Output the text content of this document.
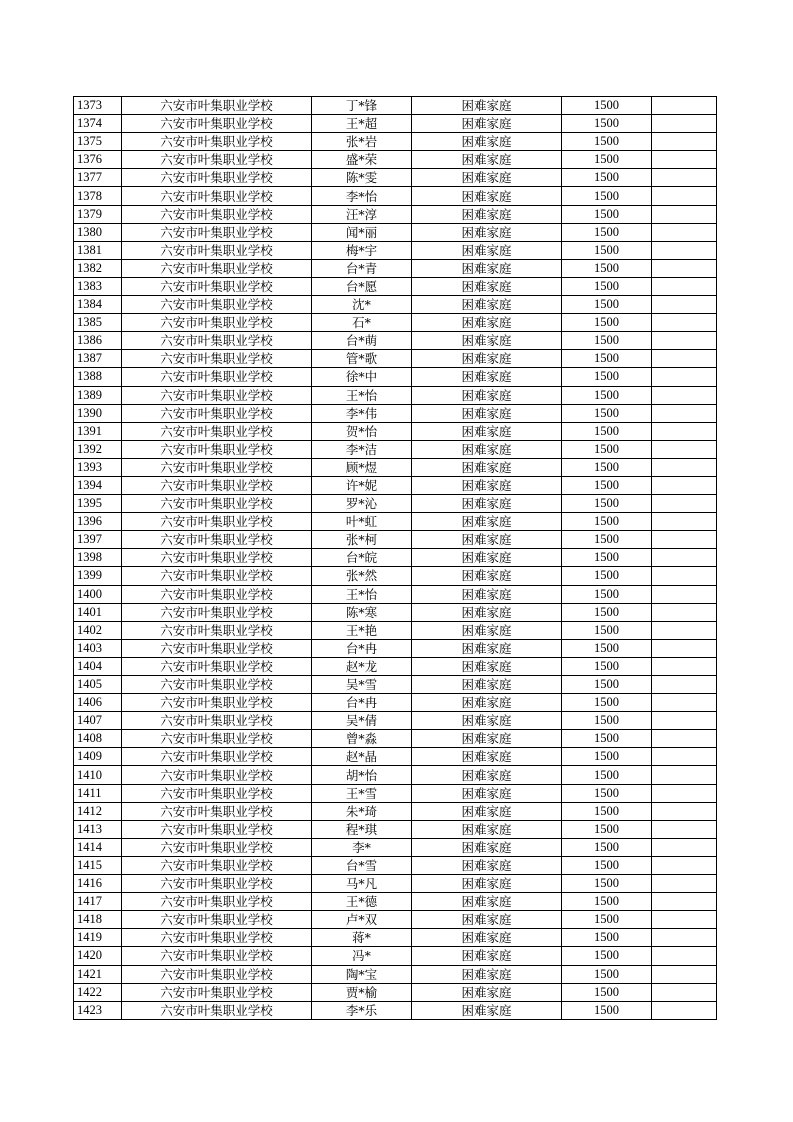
1373	六安市叶集职业学校	丁*锋	困难家庭	1500	
1374	六安市叶集职业学校	王*超	困难家庭	1500	
1375	六安市叶集职业学校	张*岩	困难家庭	1500	
1376	六安市叶集职业学校	盛*荣	困难家庭	1500	
1377	六安市叶集职业学校	陈*雯	困难家庭	1500	
1378	六安市叶集职业学校	李*怡	困难家庭	1500	
1379	六安市叶集职业学校	汪*淳	困难家庭	1500	
1380	六安市叶集职业学校	闻*丽	困难家庭	1500	
1381	六安市叶集职业学校	梅*宇	困难家庭	1500	
1382	六安市叶集职业学校	台*青	困难家庭	1500	
1383	六安市叶集职业学校	台*愿	困难家庭	1500	
1384	六安市叶集职业学校	沈*	困难家庭	1500	
1385	六安市叶集职业学校	石*	困难家庭	1500	
1386	六安市叶集职业学校	台*萌	困难家庭	1500	
1387	六安市叶集职业学校	管*歌	困难家庭	1500	
1388	六安市叶集职业学校	徐*中	困难家庭	1500	
1389	六安市叶集职业学校	王*怡	困难家庭	1500	
1390	六安市叶集职业学校	李*伟	困难家庭	1500	
1391	六安市叶集职业学校	贺*怡	困难家庭	1500	
1392	六安市叶集职业学校	李*洁	困难家庭	1500	
1393	六安市叶集职业学校	顾*煜	困难家庭	1500	
1394	六安市叶集职业学校	许*妮	困难家庭	1500	
1395	六安市叶集职业学校	罗*沁	困难家庭	1500	
1396	六安市叶集职业学校	叶*虹	困难家庭	1500	
1397	六安市叶集职业学校	张*柯	困难家庭	1500	
1398	六安市叶集职业学校	台*皖	困难家庭	1500	
1399	六安市叶集职业学校	张*然	困难家庭	1500	
1400	六安市叶集职业学校	王*怡	困难家庭	1500	
1401	六安市叶集职业学校	陈*寒	困难家庭	1500	
1402	六安市叶集职业学校	王*艳	困难家庭	1500	
1403	六安市叶集职业学校	台*冉	困难家庭	1500	
1404	六安市叶集职业学校	赵*龙	困难家庭	1500	
1405	六安市叶集职业学校	吴*雪	困难家庭	1500	
1406	六安市叶集职业学校	台*冉	困难家庭	1500	
1407	六安市叶集职业学校	吴*倩	困难家庭	1500	
1408	六安市叶集职业学校	曾*淼	困难家庭	1500	
1409	六安市叶集职业学校	赵*晶	困难家庭	1500	
1410	六安市叶集职业学校	胡*怡	困难家庭	1500	
1411	六安市叶集职业学校	王*雪	困难家庭	1500	
1412	六安市叶集职业学校	朱*琦	困难家庭	1500	
1413	六安市叶集职业学校	程*琪	困难家庭	1500	
1414	六安市叶集职业学校	李*	困难家庭	1500	
1415	六安市叶集职业学校	台*雪	困难家庭	1500	
1416	六安市叶集职业学校	马*凡	困难家庭	1500	
1417	六安市叶集职业学校	王*德	困难家庭	1500	
1418	六安市叶集职业学校	卢*双	困难家庭	1500	
1419	六安市叶集职业学校	蒋*	困难家庭	1500	
1420	六安市叶集职业学校	冯*	困难家庭	1500	
1421	六安市叶集职业学校	陶*宝	困难家庭	1500	
1422	六安市叶集职业学校	贾*榆	困难家庭	1500	
1423	六安市叶集职业学校	李*乐	困难家庭	1500	
